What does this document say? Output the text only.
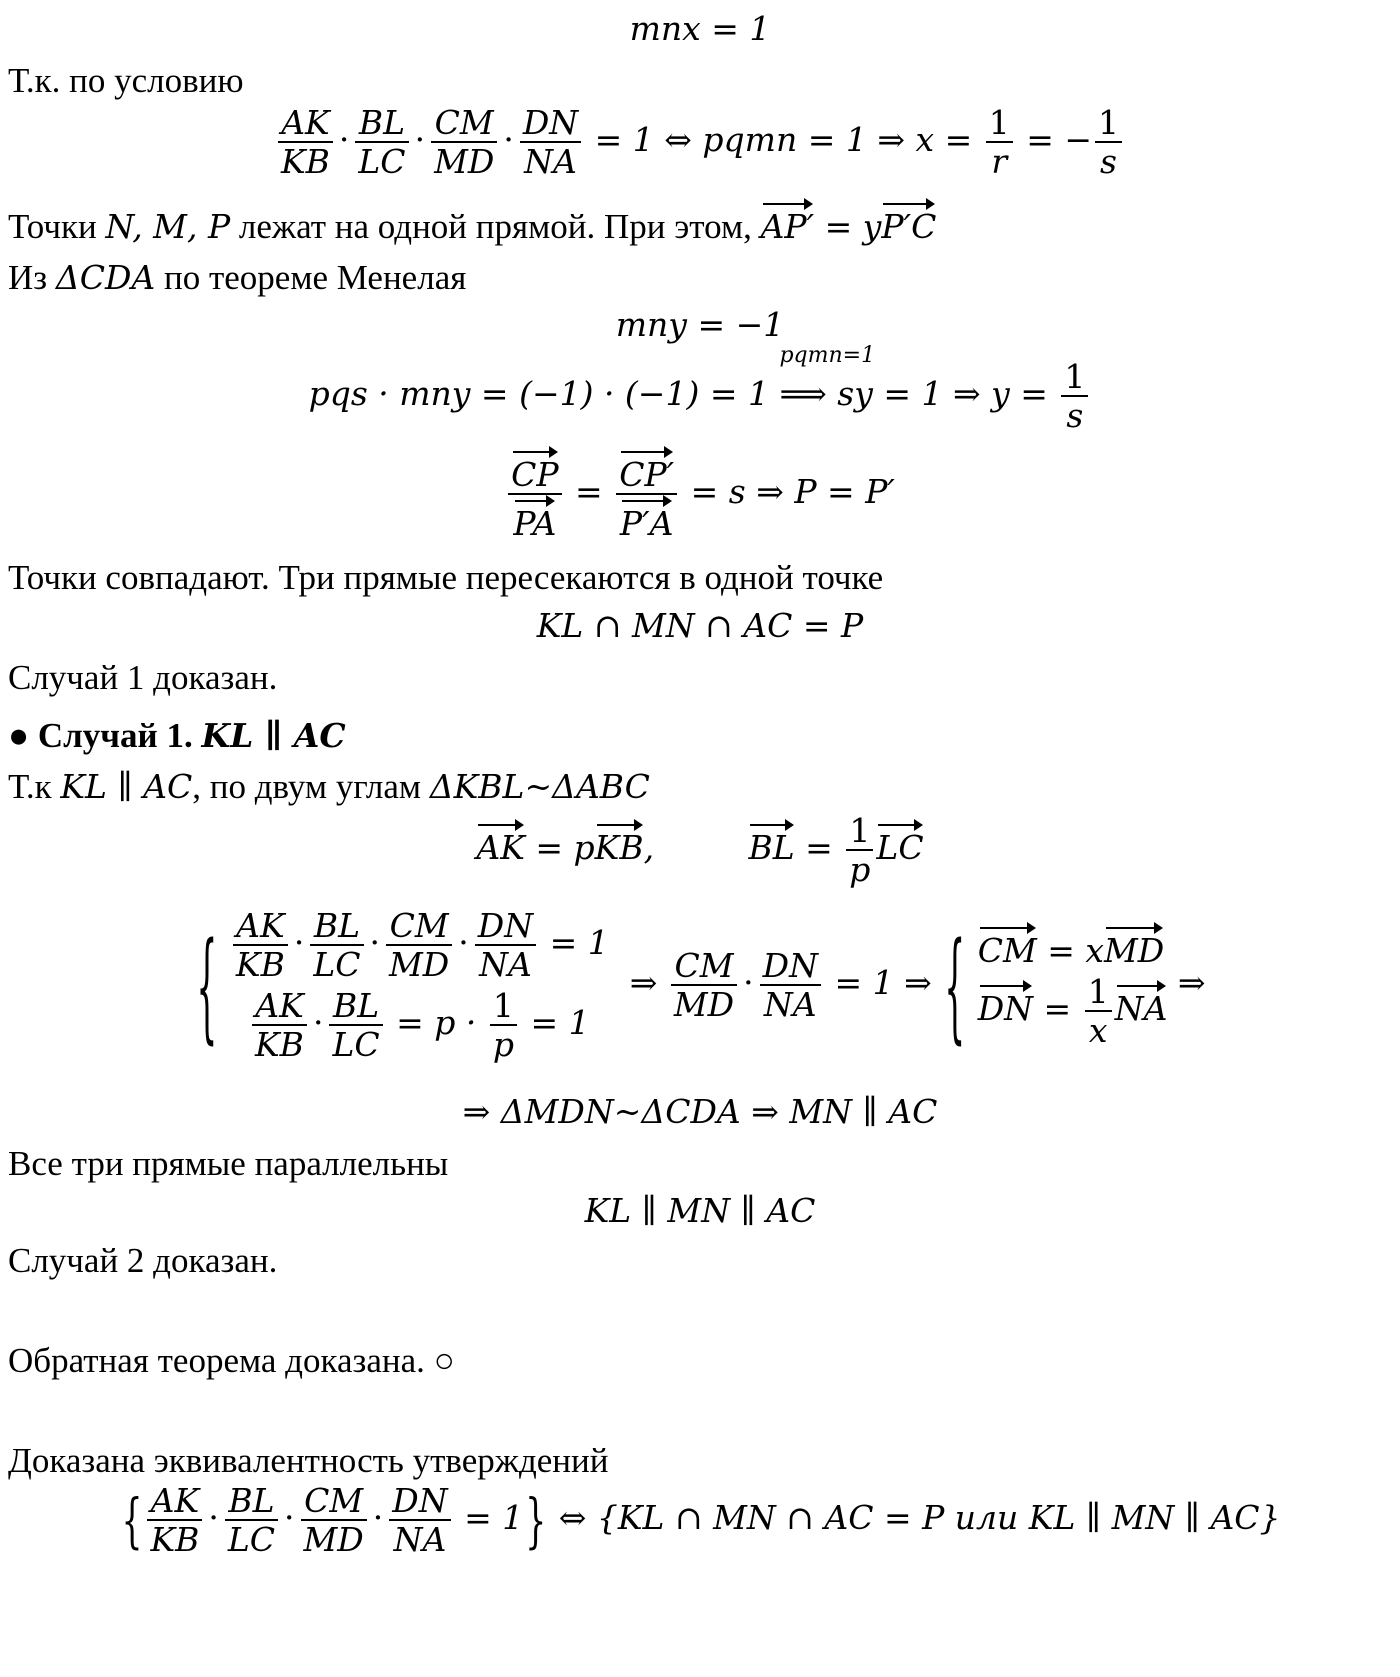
mnx = 1
Т.к. по условию
$\frac{AK}{KB} \cdot \frac{BL}{LC} \cdot \frac{CM}{MD} \cdot \frac{DN}{NA} = 1$ ⇔ pqmn = 1 ⇒ $x = \frac{1}{r}$ = − $\frac{1}{s}$
Точки N, M, P лежат на одной прямой. При этом, AP′ = yP′C
Из ΔCDA по теореме Менелая
mny = −1
pqs · mny = (−1) · (−1) = 1
pqmn=1
⟹ sy = 1 ⇒ $y = \frac{1}{s}$
$\frac{CP}{PA} = \frac{CP'}{P'A} = s$ ⇒ P = P′
Точки совпадают. Три прямые пересекаются в одной точке
KL ∩ MN ∩ AC = P
Случай 1 доказан.
● Случай 1. KL ∥ AC
Т.к KL ∥ AC, по двум углам ΔKBL~ΔABC
AK = pKB,         BL = $\frac{1}{p}$ LC
{ $\frac{AK}{KB} \cdot \frac{BL}{LC} \cdot \frac{CM}{MD} \cdot \frac{DN}{NA} = 1$
$\frac{AK}{KB} \cdot \frac{BL}{LC} = p \cdot \frac{1}{p} = 1$
⇒ $\frac{CM}{MD} \cdot \frac{DN}{NA} = 1$ ⇒ { CM = xMD
DN = $\frac{1}{x}$ NA
⇒
⇒ ΔMDN~ΔCDA ⇒ MN ∥ AC
Все три прямые параллельны
KL ∥ MN ∥ AC
Случай 2 доказан.
Обратная теорема доказана. ○
Доказана эквивалентность утверждений
{ $\frac{AK}{KB} \cdot \frac{BL}{LC} \cdot \frac{CM}{MD} \cdot \frac{DN}{NA} = 1$} ⇔ {KL ∩ MN ∩ AC = P или KL ∥ MN ∥ AC}
